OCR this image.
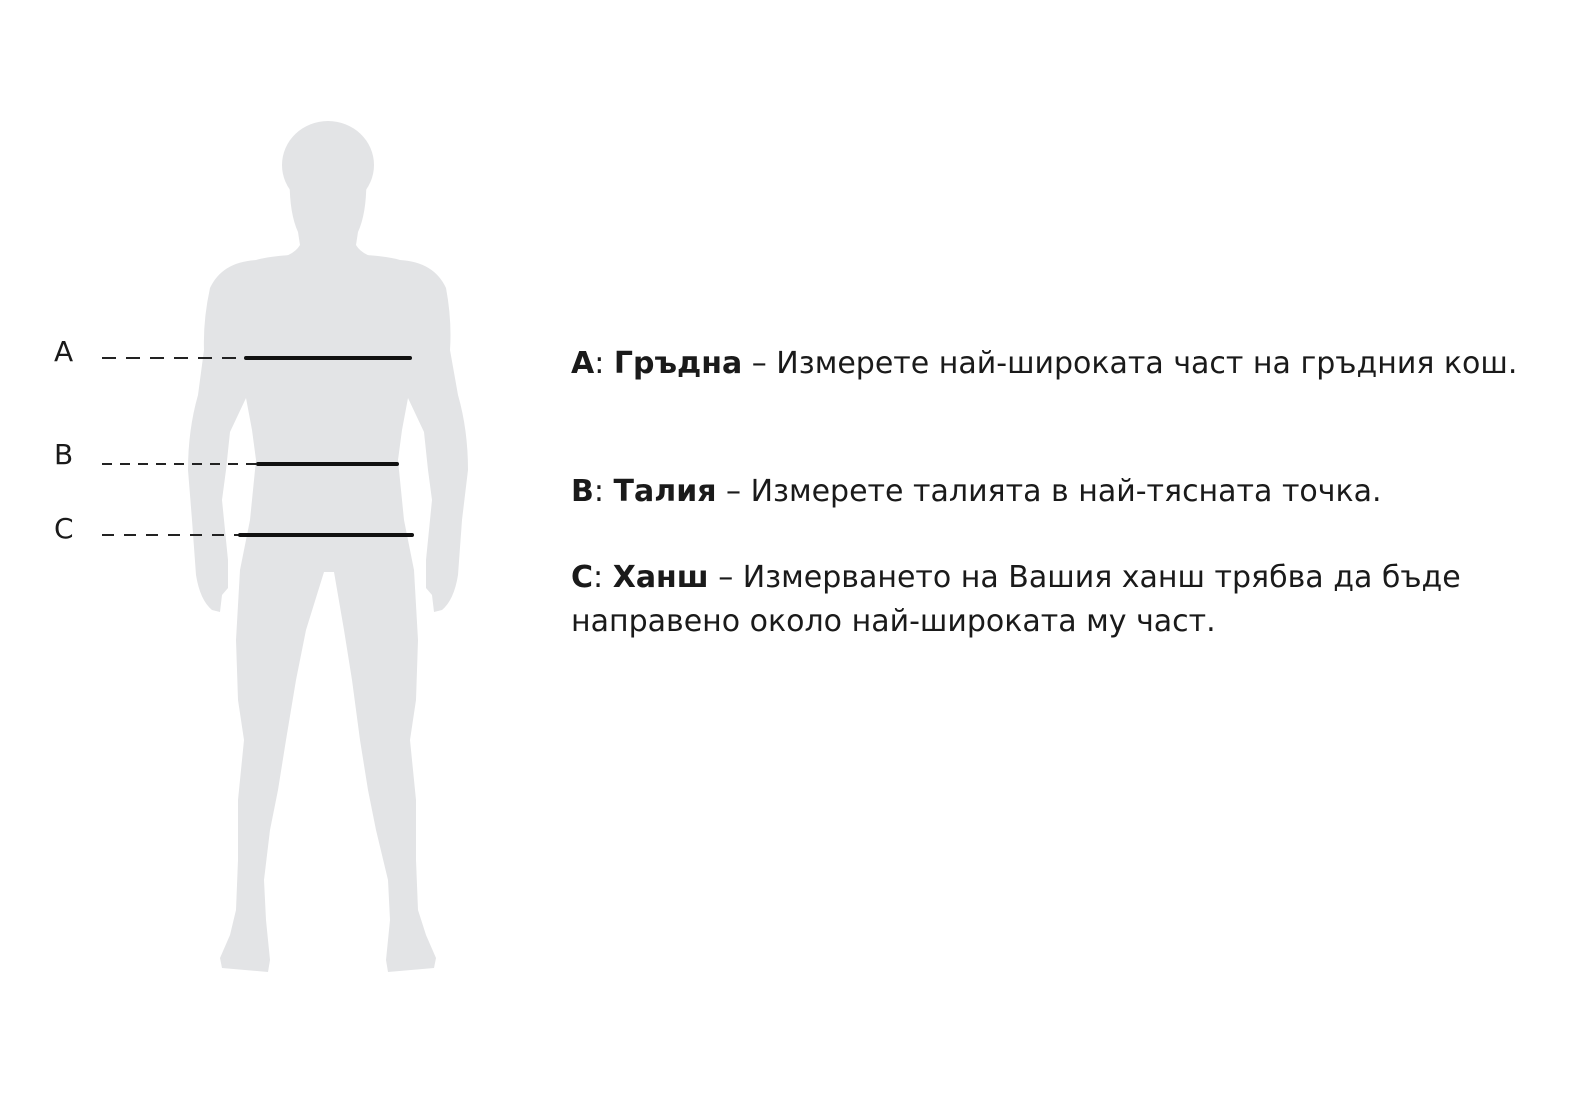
A
B
C
A: Гръдна – Измерете най-широката част на гръдния кош.
B: Талия – Измерете талията в най-тясната точка.
C: Ханш – Измерването на Вашия ханш трябва да бъде направено около най-широката му част.
